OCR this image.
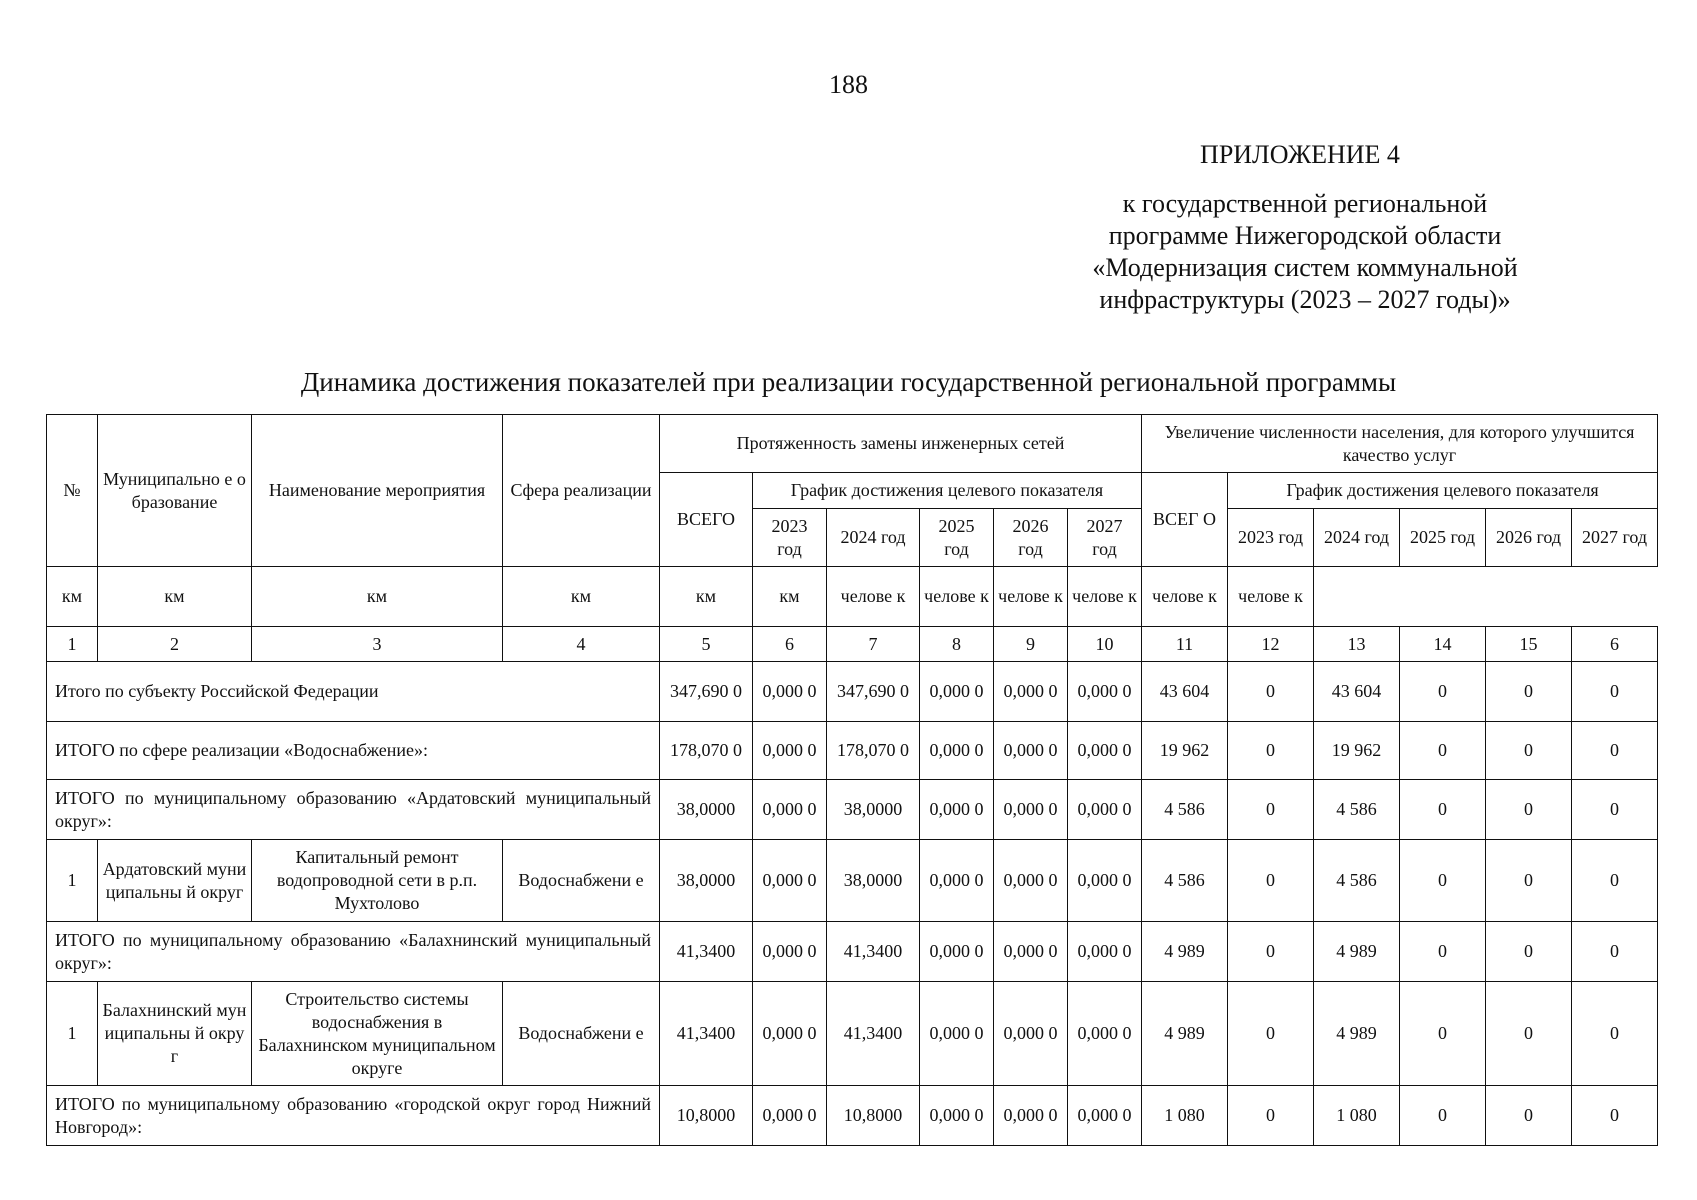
188
ПРИЛОЖЕНИЕ 4
к государственной региональной
программе Нижегородской области
«Модернизация систем коммунальной
инфраструктуры (2023 – 2027 годы)»
Динамика достижения показателей при реализации государственной региональной программы
№	Муниципально е образование	Наименование мероприятия	Сфера реализации	Протяженность замены инженерных сетей						Увеличение численности населения, для которого улучшится качество услуг					
				ВСЕГО	График достижения целевого показателя					ВСЕГ О	График достижения целевого показателя				
					2023 год	2024 год	2025 год	2026 год	2027 год		2023 год	2024 год	2025 год	2026 год	2027 год
км	км	км	км	км	км	челове к	челове к	челове к	челове к	челове к	челове к				
1	2	3	4	5	6	7	8	9	10	11	12	13	14	15	6
Итого по субъекту Российской Федерации				347,690 0	0,000 0	347,690 0	0,000 0	0,000 0	0,000 0	43 604	0	43 604	0	0	0
ИТОГО по сфере реализации «Водоснабжение»:				178,070 0	0,000 0	178,070 0	0,000 0	0,000 0	0,000 0	19 962	0	19 962	0	0	0
ИТОГО по муниципальному образованию «Ардатовский муниципальный округ»:				38,0000	0,000 0	38,0000	0,000 0	0,000 0	0,000 0	4 586	0	4 586	0	0	0
1	Ардатовский муниципальны й округ	Капитальный ремонт водопроводной сети в р.п. Мухтолово	Водоснабжени е	38,0000	0,000 0	38,0000	0,000 0	0,000 0	0,000 0	4 586	0	4 586	0	0	0
ИТОГО по муниципальному образованию «Балахнинский муниципальный округ»:				41,3400	0,000 0	41,3400	0,000 0	0,000 0	0,000 0	4 989	0	4 989	0	0	0
1	Балахнинский муниципальны й округ	Строительство системы водоснабжения в Балахнинском муниципальном округе	Водоснабжени е	41,3400	0,000 0	41,3400	0,000 0	0,000 0	0,000 0	4 989	0	4 989	0	0	0
ИТОГО по муниципальному образованию «городской округ город Нижний Новгород»:				10,8000	0,000 0	10,8000	0,000 0	0,000 0	0,000 0	1 080	0	1 080	0	0	0
